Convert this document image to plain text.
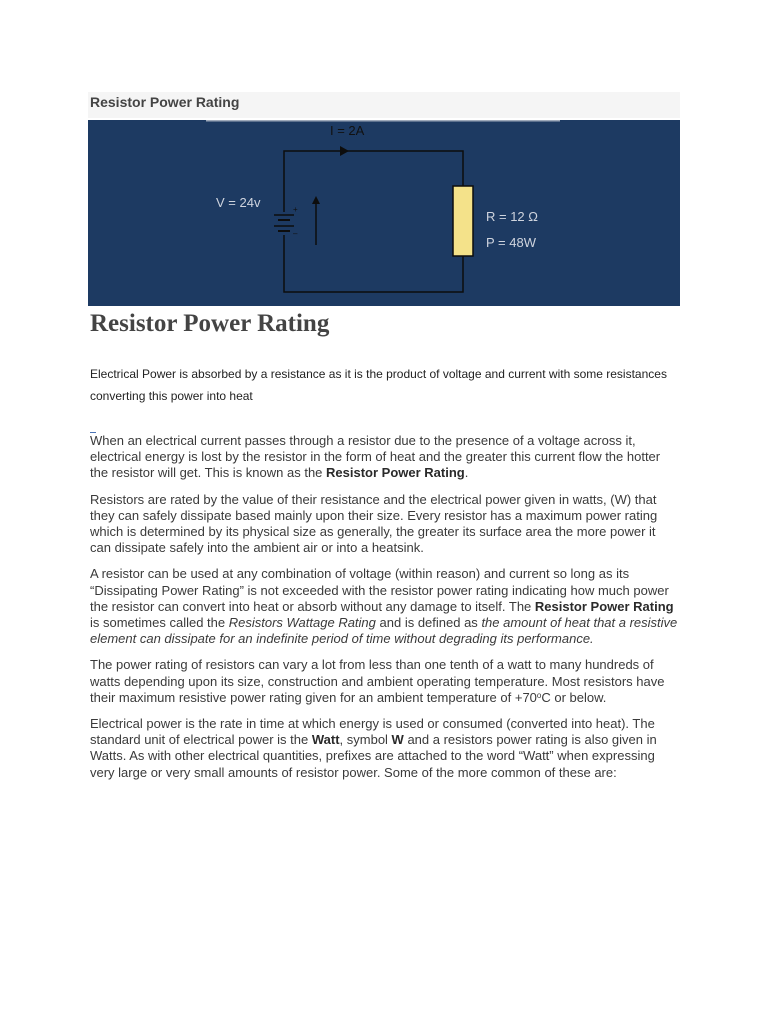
Resistor Power Rating
+
–
I = 2A
V = 24v
R = 12 Ω
P = 48W
Resistor Power Rating
Electrical Power is absorbed by a resistance as it is the product of voltage and current with some resistances converting this power into heat

When an electrical current passes through a resistor due to the presence of a voltage across it, electrical energy is lost by the resistor in the form of heat and the greater this current flow the hotter the resistor will get. This is known as the Resistor Power Rating.

Resistors are rated by the value of their resistance and the electrical power given in watts, (W) that they can safely dissipate based mainly upon their size. Every resistor has a maximum power rating which is determined by its physical size as generally, the greater its surface area the more power it can dissipate safely into the ambient air or into a heatsink.

A resistor can be used at any combination of voltage (within reason) and current so long as its “Dissipating Power Rating” is not exceeded with the resistor power rating indicating how much power the resistor can convert into heat or absorb without any damage to itself. The Resistor Power Rating is sometimes called the Resistors Wattage Rating and is defined as the amount of heat that a resistive element can dissipate for an indefinite period of time without degrading its performance.

The power rating of resistors can vary a lot from less than one tenth of a watt to many hundreds of watts depending upon its size, construction and ambient operating temperature. Most resistors have their maximum resistive power rating given for an ambient temperature of $+70^oC$ or below.

Electrical power is the rate in time at which energy is used or consumed (converted into heat). The standard unit of electrical power is the Watt, symbol W and a resistors power rating is also given in Watts. As with other electrical quantities, prefixes are attached to the word “Watt” when expressing very large or very small amounts of resistor power. Some of the more common of these are:
